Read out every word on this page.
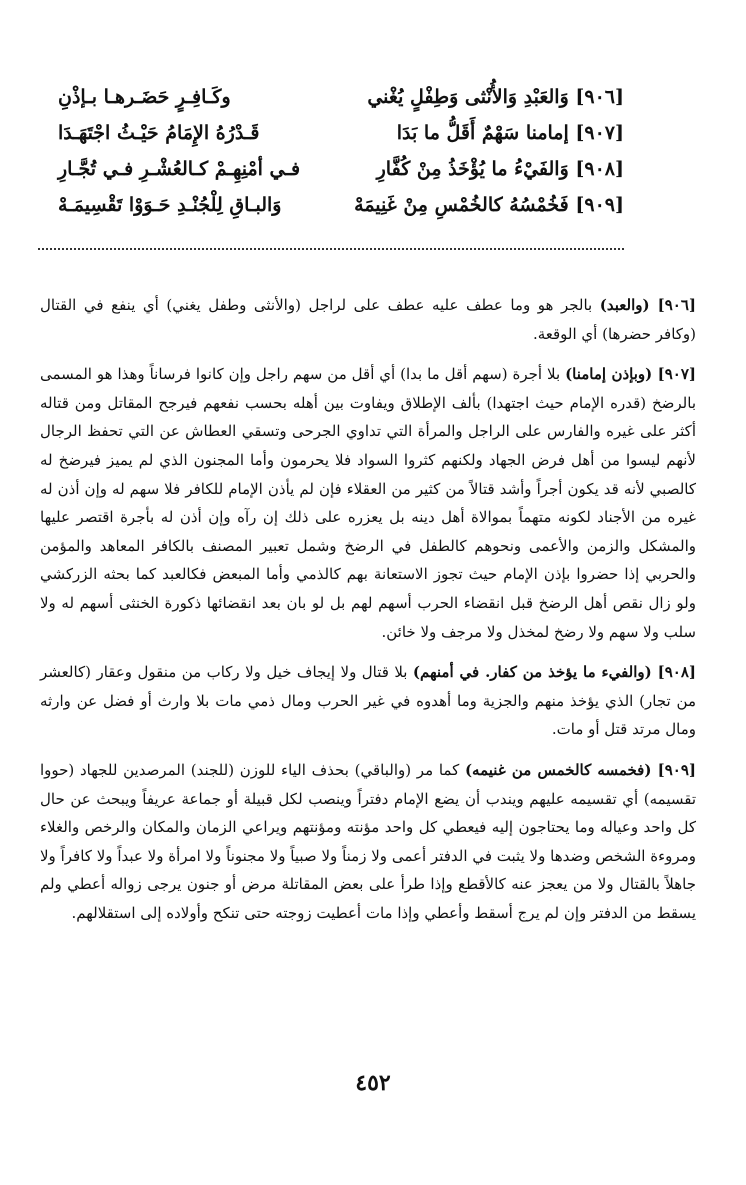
[٩٠٦] وَالعَبْدِ وَالأُنْثى وَطِفْلٍ يُغْني
وكَـافِـرٍ حَضَـرهـا بـإذْنِ
[٩٠٧] إمامنا سَهْمٌ أَقَلُّ ما بَدَا
قَـدْرُهُ الإِمَامُ حَيْـثُ اجْتَهَـدَا
[٩٠٨] وَالفَيْءُ ما يُؤْخَذُ مِنْ كُفَّارِ
فـي أمْنِهِـمْ كـالعُشْـرِ فـي تُجَّـارِ
[٩٠٩] فَخُمْسُهُ كالخُمْسِ مِنْ غَنِيمَهْ
وَالبـاقِ لِلْجُنْـدِ حَـوَوْا تَقْسِيمَـهْ

[٩٠٦] (والعبد) بالجر هو وما عطف عليه عطف على لراجل (والأنثى وطفل يغني) أي ينفع في القتال (وكافر حضرها) أي الوقعة.

[٩٠٧] (وبإذن إمامنا) بلا أجرة (سهم أقل ما بدا) أي أقل من سهم راجل وإن كانوا فرساناً وهذا هو المسمى بالرضخ (قدره الإمام حيث اجتهدا) بألف الإطلاق ويفاوت بين أهله بحسب نفعهم فيرجح المقاتل ومن قتاله أكثر على غيره والفارس على الراجل والمرأة التي تداوي الجرحى وتسقي العطاش عن التي تحفظ الرجال لأنهم ليسوا من أهل فرض الجهاد ولكنهم كثروا السواد فلا يحرمون وأما المجنون الذي لم يميز فيرضخ له كالصبي لأنه قد يكون أجراً وأشد قتالاً من كثير من العقلاء فإن لم يأذن الإمام للكافر فلا سهم له وإن أذن له غيره من الأجناد لكونه متهماً بموالاة أهل دينه بل يعزره على ذلك إن رآه وإن أذن له بأجرة اقتصر عليها والمشكل والزمن والأعمى ونحوهم كالطفل في الرضخ وشمل تعبير المصنف بالكافر المعاهد والمؤمن والحربي إذا حضروا بإذن الإمام حيث تجوز الاستعانة بهم كالذمي وأما المبعض فكالعبد كما بحثه الزركشي ولو زال نقص أهل الرضخ قبل انقضاء الحرب أسهم لهم بل لو بان بعد انقضائها ذكورة الخنثى أسهم له ولا سلب ولا سهم ولا رضخ لمخذل ولا مرجف ولا خائن.

[٩٠٨] (والفيء ما يؤخذ من كفار. في أمنهم) بلا قتال ولا إيجاف خيل ولا ركاب من منقول وعقار (كالعشر من تجار) الذي يؤخذ منهم والجزية وما أهدوه في غير الحرب ومال ذمي مات بلا وارث أو فضل عن وارثه ومال مرتد قتل أو مات.

[٩٠٩] (فخمسه كالخمس من غنيمه) كما مر (والباقي) بحذف الياء للوزن (للجند) المرصدين للجهاد (حووا تقسيمه) أي تقسيمه عليهم ويندب أن يضع الإمام دفتراً وينصب لكل قبيلة أو جماعة عريفاً ويبحث عن حال كل واحد وعياله وما يحتاجون إليه فيعطي كل واحد مؤنته ومؤنتهم ويراعي الزمان والمكان والرخص والغلاء ومروءة الشخص وضدها ولا يثبت في الدفتر أعمى ولا زمناً ولا صبياً ولا مجنوناً ولا امرأة ولا عبداً ولا كافراً ولا جاهلاً بالقتال ولا من يعجز عنه كالأقطع وإذا طرأ على بعض المقاتلة مرض أو جنون يرجى زواله أعطي ولم يسقط من الدفتر وإن لم يرج أسقط وأعطي وإذا مات أعطيت زوجته حتى تنكح وأولاده إلى استقلالهم.

٤٥٢
